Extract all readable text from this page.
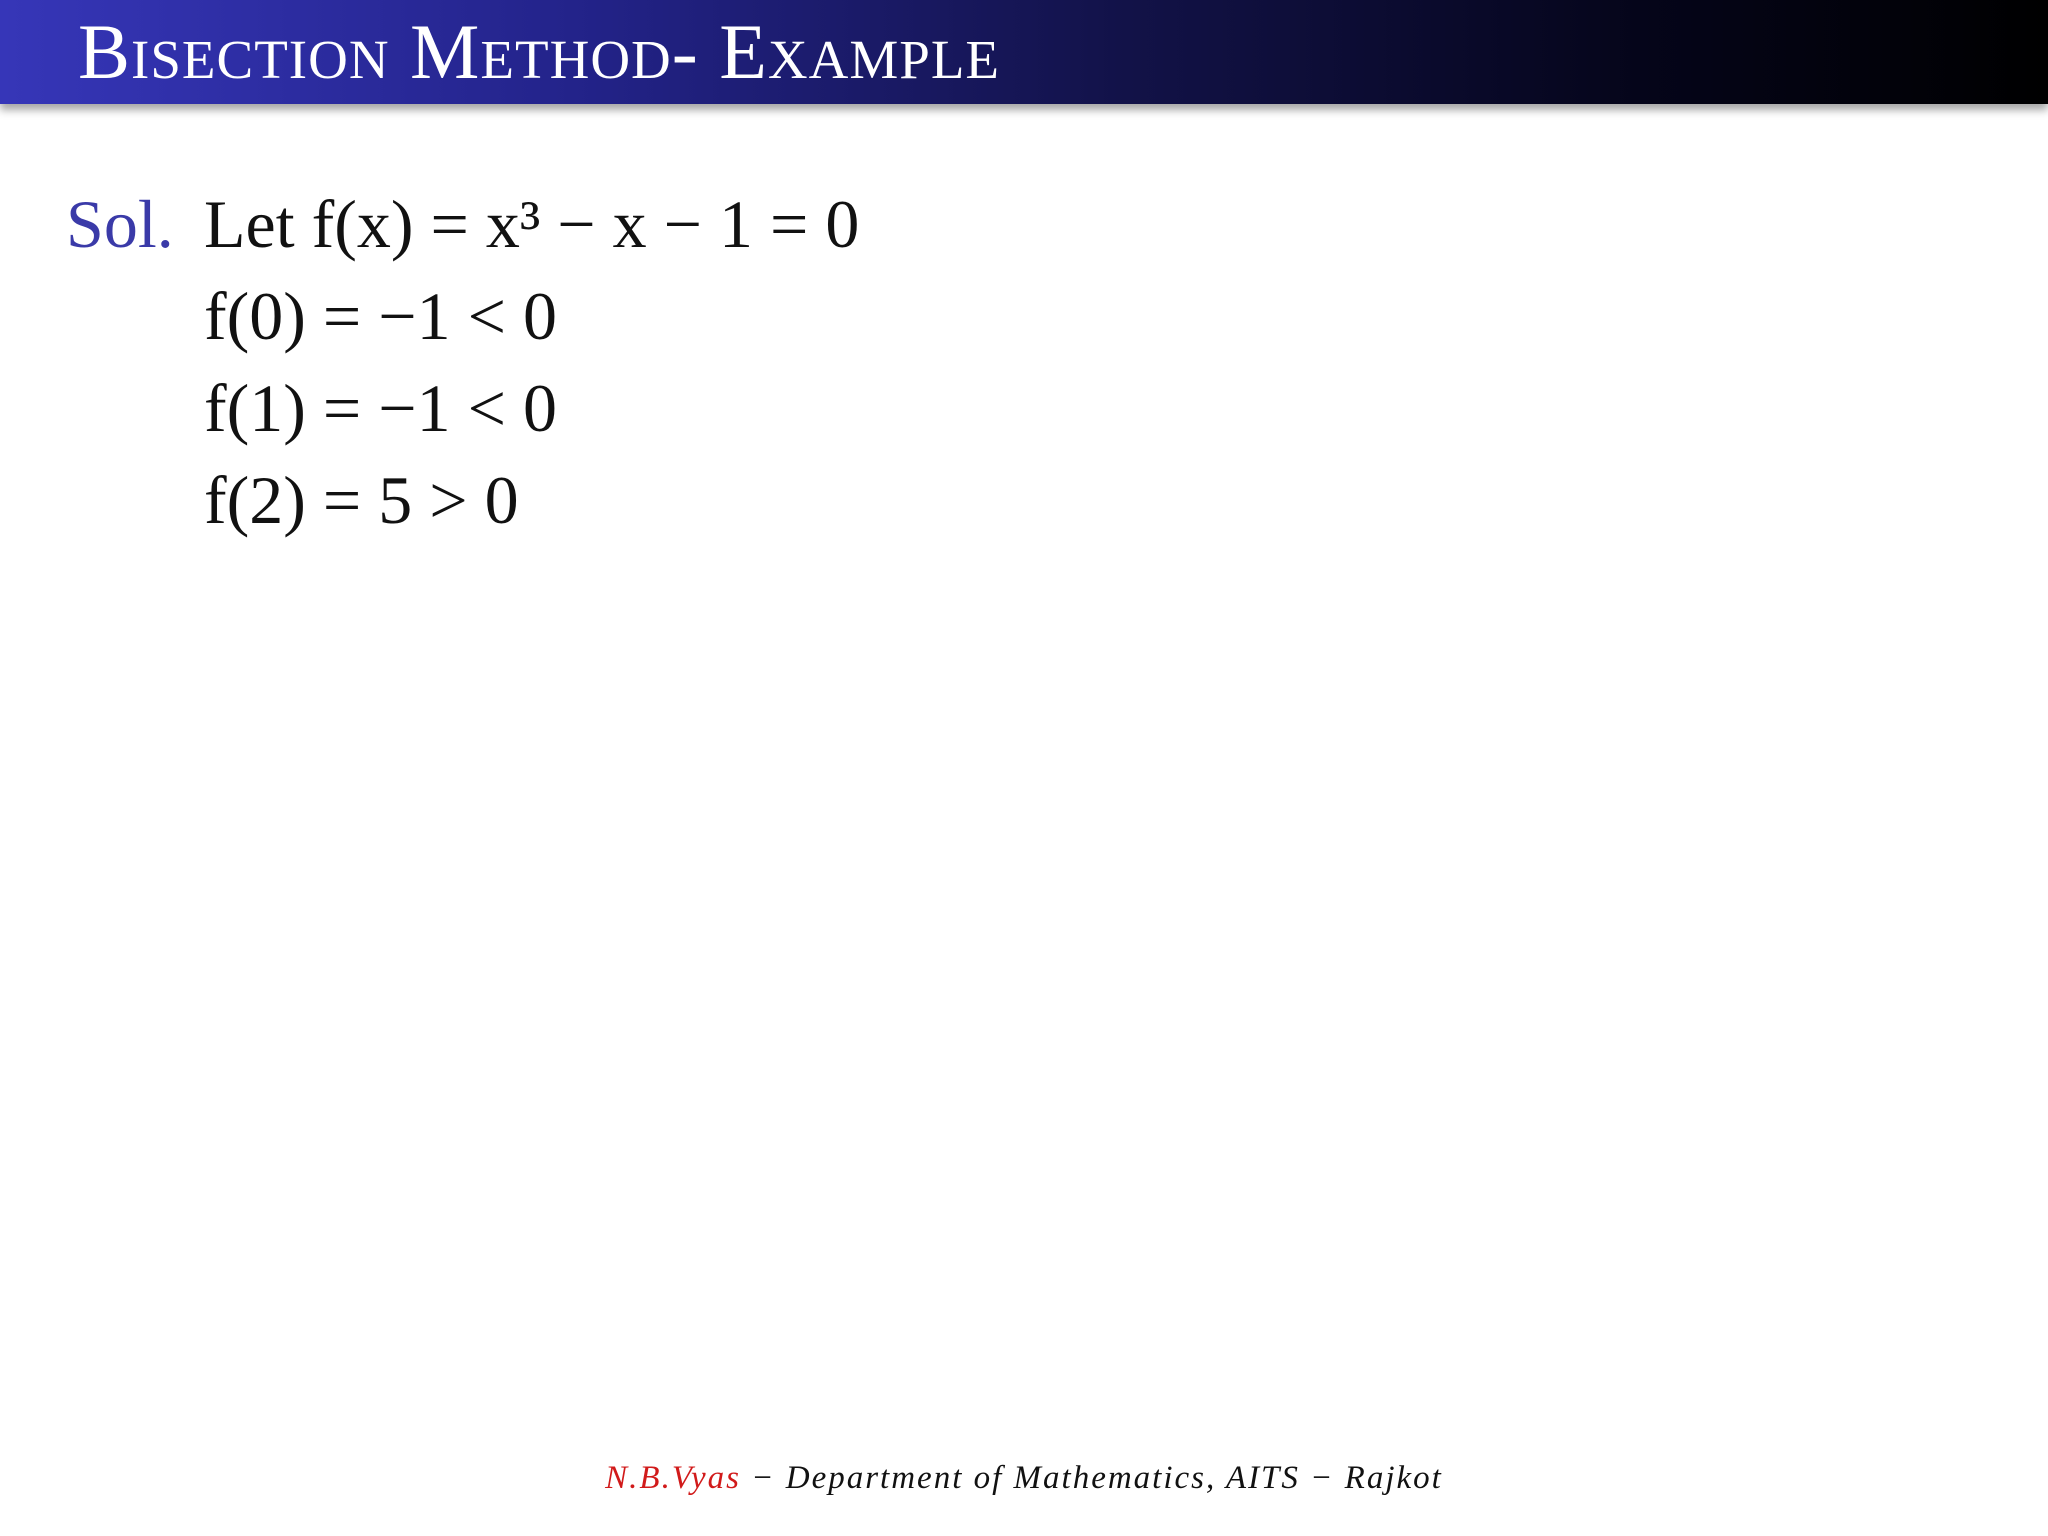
Bisection Method- Example
Sol. Let f(x) = x³ − x − 1 = 0
f(0) = −1 < 0
f(1) = −1 < 0
f(2) = 5 > 0
N.B.Vyas − Department of Mathematics, AITS − Rajkot
